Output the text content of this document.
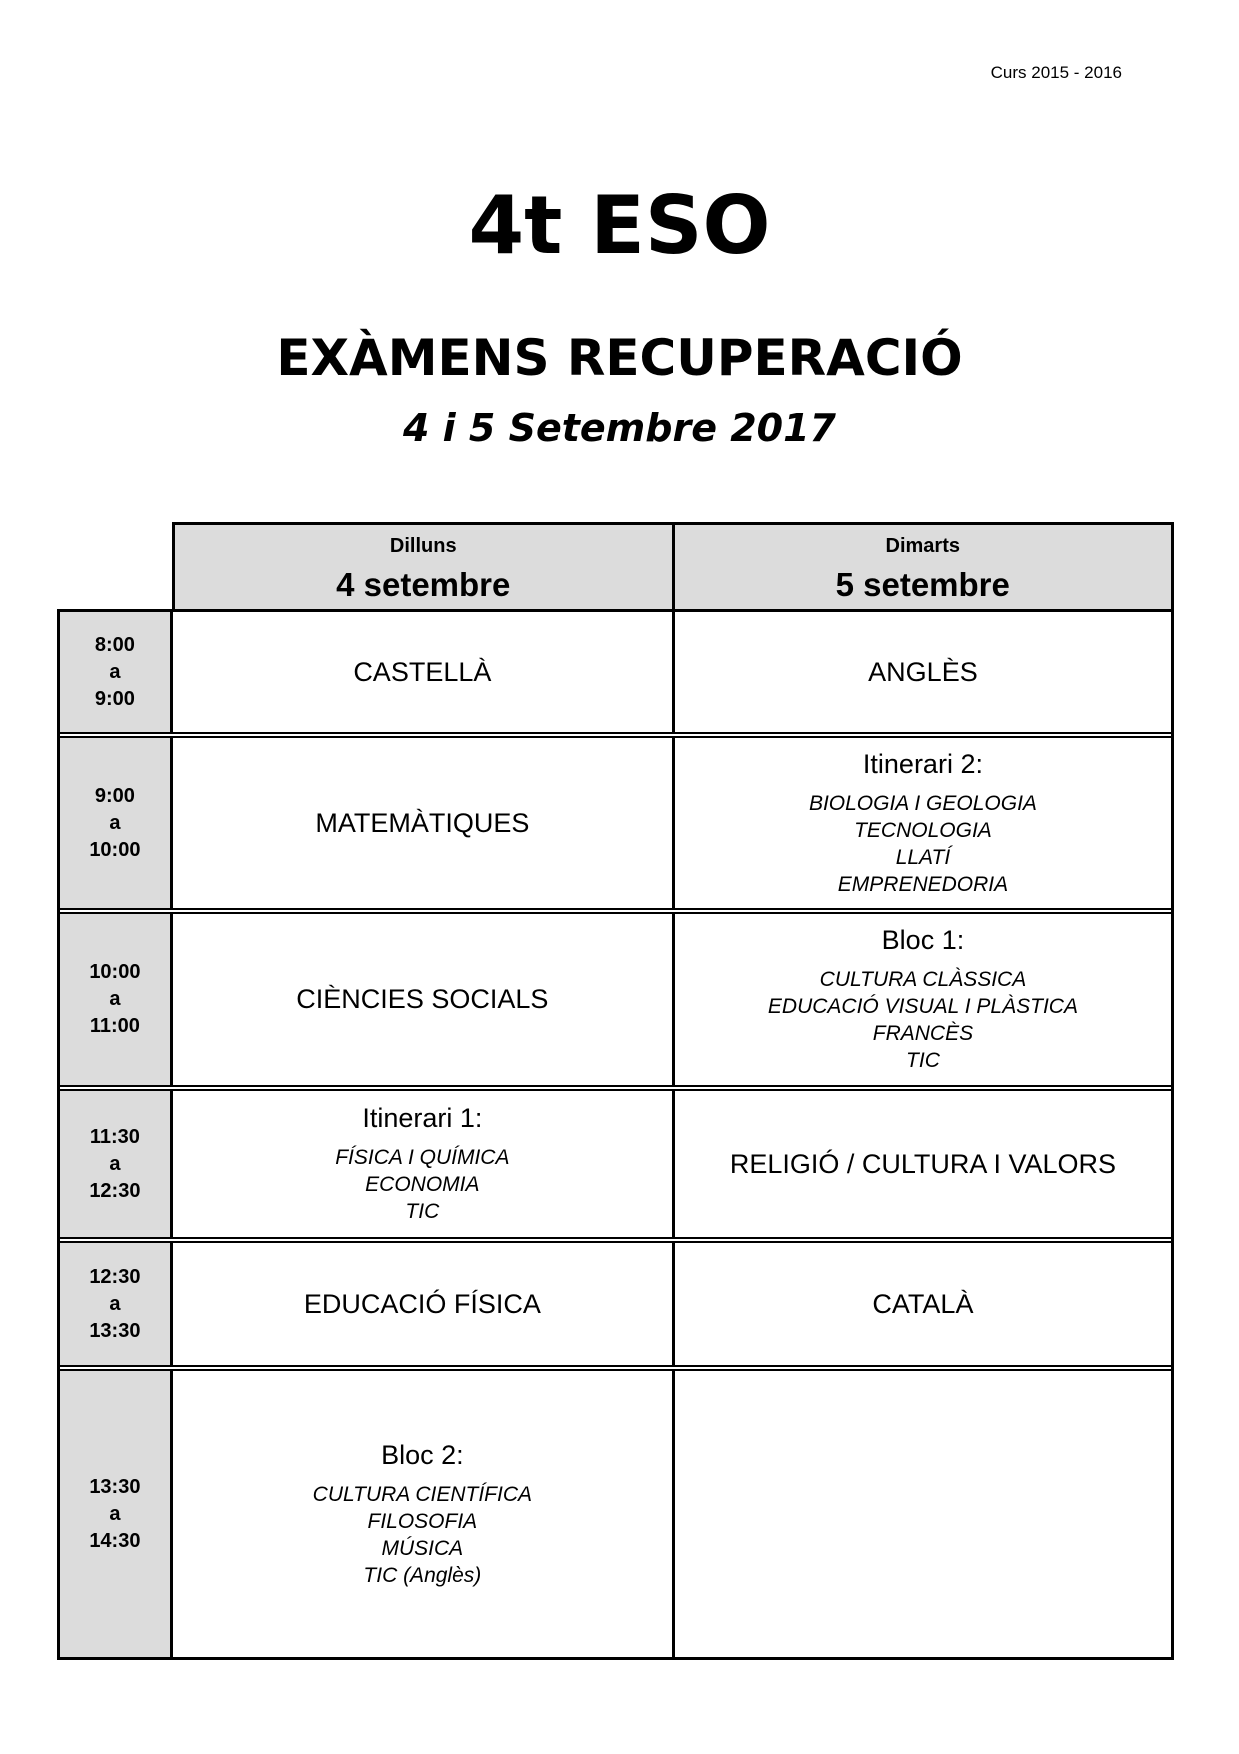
Curs 2015 - 2016
4t ESO
EXÀMENS RECUPERACIÓ
4 i 5 Setembre 2017
Dilluns
4 setembre
Dimarts
5 setembre
8:00
a
9:00
CASTELLÀ	ANGLÈS
9:00
a
10:00
MATEMÀTIQUES
Itinerari 2:
BIOLOGIA I GEOLOGIA
TECNOLOGIA
LLATÍ
EMPRENEDORIA
10:00
a
11:00
CIÈNCIES SOCIALS
Bloc 1:
CULTURA CLÀSSICA
EDUCACIÓ VISUAL I PLÀSTICA
FRANCÈS
TIC
11:30
a
12:30
Itinerari 1:
FÍSICA I QUÍMICA
ECONOMIA
TIC
RELIGIÓ / CULTURA I VALORS
12:30
a
13:30
EDUCACIÓ FÍSICA	CATALÀ
13:30
a
14:30
Bloc 2:
CULTURA CIENTÍFICA
FILOSOFIA
MÚSICA
TIC (Anglès)
